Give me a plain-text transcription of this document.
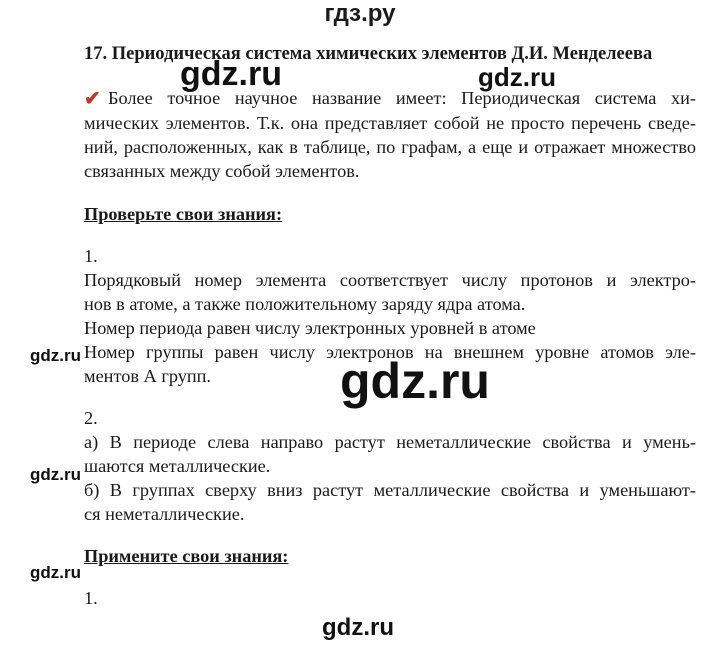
гдз.ру
17. Периодическая система химических элементов Д.И. Менделеева
gdz.ru	gdz.ru
gdz.ru	gdz.ru
gdz.ru
gdz.ru
gdz.ru
✔ Более точное научное название имеет: Периодическая система хи-
мических элементов. Т.к. она представляет собой не просто перечень сведе-
ний, расположенных, как в таблице, по графам, а еще и отражает множество
связанных между собой элементов.
Проверьте свои знания:
1.
Порядковый номер элемента соответствует числу протонов и электро-
нов в атоме, а также положительному заряду ядра атома.
Номер периода равен числу электронных уровней в атоме
Номер группы равен числу электронов на внешнем уровне атомов эле-
ментов А групп.
2.
а) В периоде слева направо растут неметаллические свойства и умень-
шаются металлические.
б) В группах сверху вниз растут металлические свойства и уменьшают-
ся неметаллические.
Примените свои знания:
1.
